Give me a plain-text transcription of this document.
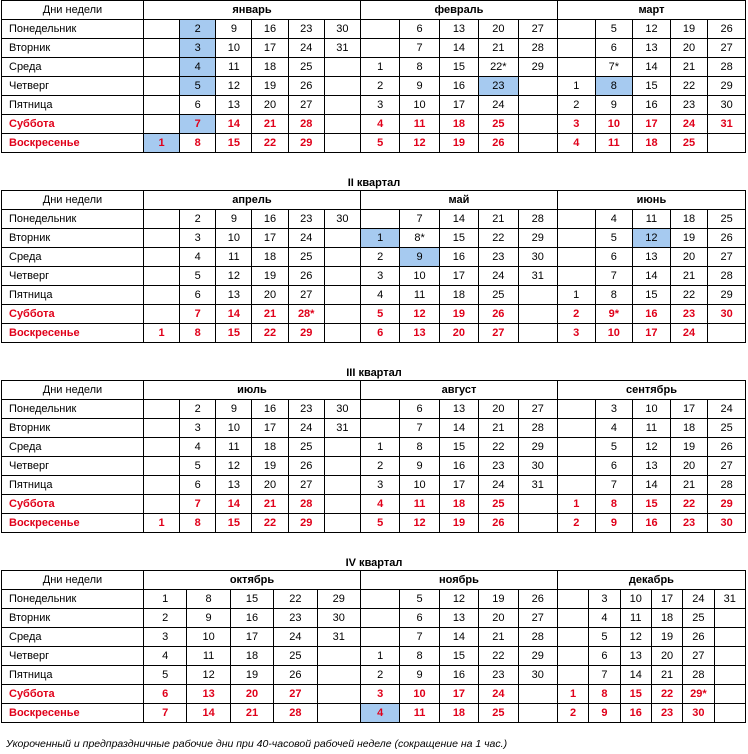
Дни недели	январь						февраль					март				
Понедельник		2	9	16	23	30		6	13	20	27		5	12	19	26
Вторник		3	10	17	24	31		7	14	21	28		6	13	20	27
Среда		4	11	18	25		1	8	15	22*	29		7*	14	21	28
Четверг		5	12	19	26		2	9	16	23		1	8	15	22	29
Пятница		6	13	20	27		3	10	17	24		2	9	16	23	30
Суббота		7	14	21	28		4	11	18	25		3	10	17	24	31
Воскресенье	1	8	15	22	29		5	12	19	26		4	11	18	25	
II квартал
Дни недели	апрель						май					июнь				
Понедельник		2	9	16	23	30		7	14	21	28		4	11	18	25
Вторник		3	10	17	24		1	8*	15	22	29		5	12	19	26
Среда		4	11	18	25		2	9	16	23	30		6	13	20	27
Четверг		5	12	19	26		3	10	17	24	31		7	14	21	28
Пятница		6	13	20	27		4	11	18	25		1	8	15	22	29
Суббота		7	14	21	28*		5	12	19	26		2	9*	16	23	30
Воскресенье	1	8	15	22	29		6	13	20	27		3	10	17	24	
III квартал
Дни недели	июль						август					сентябрь				
Понедельник		2	9	16	23	30		6	13	20	27		3	10	17	24
Вторник		3	10	17	24	31		7	14	21	28		4	11	18	25
Среда		4	11	18	25		1	8	15	22	29		5	12	19	26
Четверг		5	12	19	26		2	9	16	23	30		6	13	20	27
Пятница		6	13	20	27		3	10	17	24	31		7	14	21	28
Суббота		7	14	21	28		4	11	18	25		1	8	15	22	29
Воскресенье	1	8	15	22	29		5	12	19	26		2	9	16	23	30
IV квартал
Дни недели	октябрь					ноябрь					декабрь					
Понедельник	1	8	15	22	29		5	12	19	26		3	10	17	24	31
Вторник	2	9	16	23	30		6	13	20	27		4	11	18	25	
Среда	3	10	17	24	31		7	14	21	28		5	12	19	26	
Четверг	4	11	18	25		1	8	15	22	29		6	13	20	27	
Пятница	5	12	19	26		2	9	16	23	30		7	14	21	28	
Суббота	6	13	20	27		3	10	17	24		1	8	15	22	29*	
Воскресенье	7	14	21	28		4	11	18	25		2	9	16	23	30	
Укороченный и предпраздничные рабочие дни при 40-часовой рабочей неделе (сокращение на 1 час.)
